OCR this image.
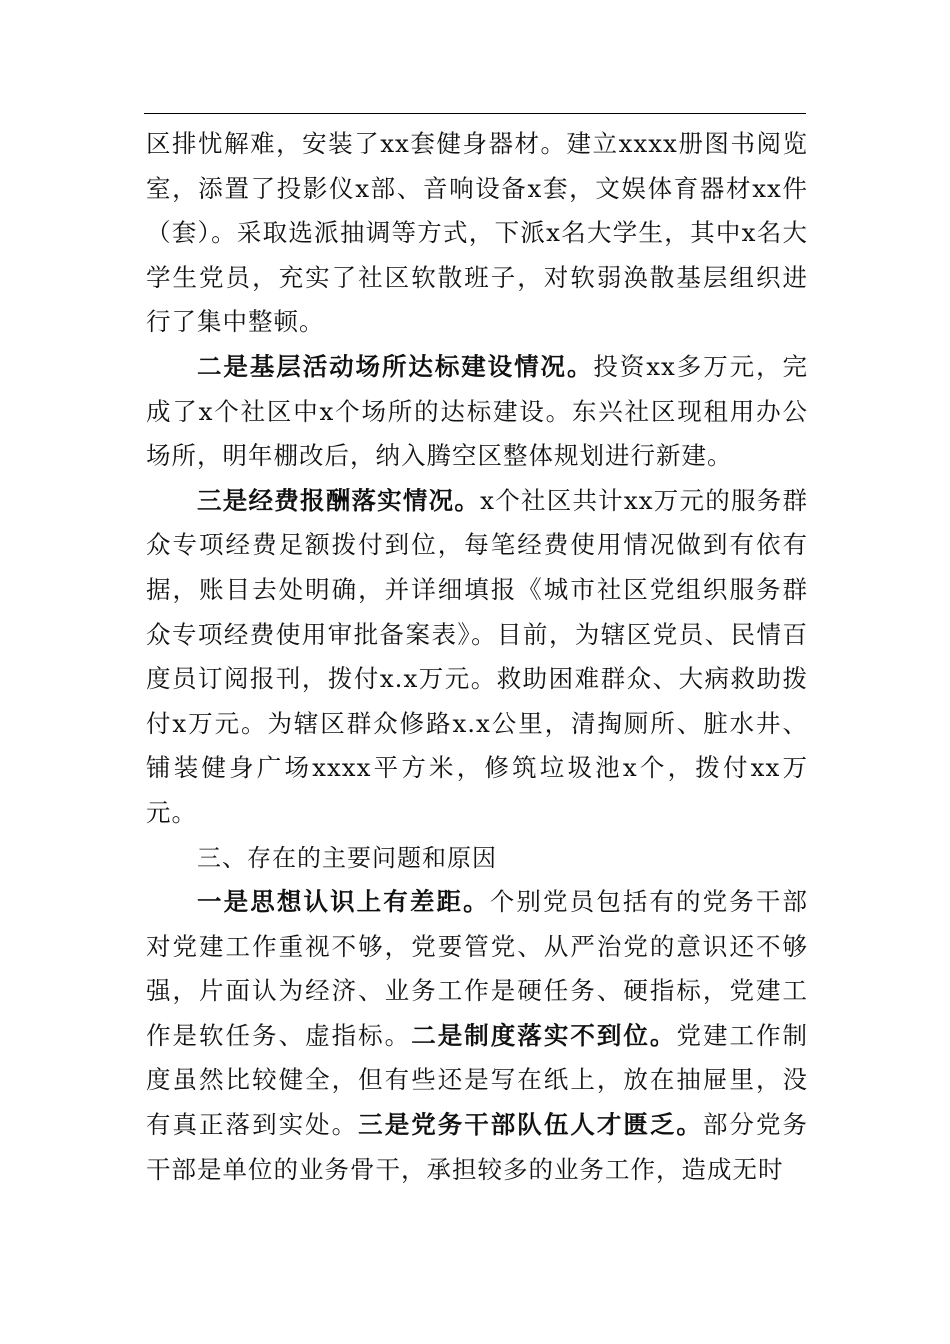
区排忧解难，安装了xx套健身器材。建立xxxx册图书阅览室，添置了投影仪x部、音响设备x套，文娱体育器材xx件（套）。采取选派抽调等方式，下派x名大学生，其中x名大学生党员，充实了社区软散班子，对软弱涣散基层组织进行了集中整顿。

二是基层活动场所达标建设情况。投资xx多万元，完成了x个社区中x个场所的达标建设。东兴社区现租用办公场所，明年棚改后，纳入腾空区整体规划进行新建。

三是经费报酬落实情况。x个社区共计xx万元的服务群众专项经费足额拨付到位，每笔经费使用情况做到有依有据，账目去处明确，并详细填报《城市社区党组织服务群众专项经费使用审批备案表》。目前，为辖区党员、民情百度员订阅报刊，拨付x.x万元。救助困难群众、大病救助拨付x万元。为辖区群众修路x.x公里，清掏厕所、脏水井、铺装健身广场xxxx平方米，修筑垃圾池x个，拨付xx万元。

三、存在的主要问题和原因

一是思想认识上有差距。个别党员包括有的党务干部对党建工作重视不够，党要管党、从严治党的意识还不够强，片面认为经济、业务工作是硬任务、硬指标，党建工作是软任务、虚指标。二是制度落实不到位。党建工作制度虽然比较健全，但有些还是写在纸上，放在抽屉里，没有真正落到实处。三是党务干部队伍人才匮乏。部分党务干部是单位的业务骨干，承担较多的业务工作，造成无时
